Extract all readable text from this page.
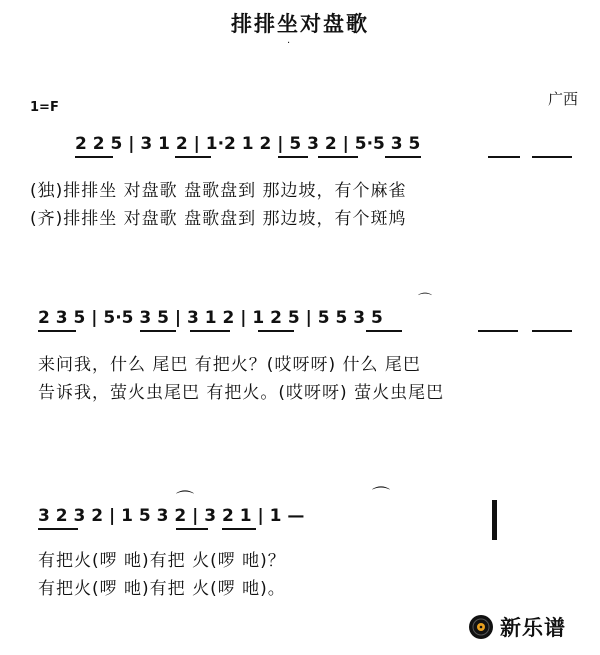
排排坐对盘歌
·
1=F	广西
2 2 5 | 3 1 2 | 1·2 1 2 | 5 3 2 | 5·5 3 5
(独)排排坐 对盘歌 盘歌盘到 那边坡，有个麻雀
(齐)排排坐 对盘歌 盘歌盘到 那边坡，有个斑鸠
2 3 5 | 5·5 3 5 | 3 1 2 | 1 2 5 | 5 5 3 5
⌒
来问我，什么 尾巴 有把火？(哎呀呀) 什么 尾巴
告诉我，萤火虫尾巴 有把火。(哎呀呀) 萤火虫尾巴
3 2 3 2 | 1 5 3 2 | 3 2 1 | 1 —
⌒	⌒
有把火(啰 吔)有把 火(啰 吔)？
有把火(啰 吔)有把 火(啰 吔)。
新乐谱
